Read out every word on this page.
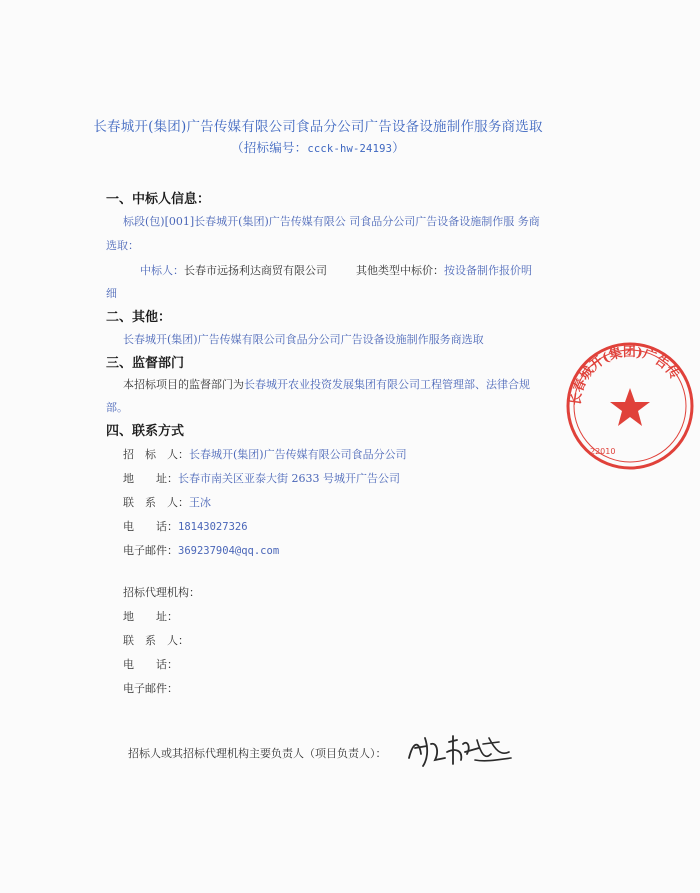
长春城开(集团)广告传媒有限公司食品分公司广告设备设施制作服务商选取
（招标编号：ccck-hw-24193）
一、中标人信息：
标段(包)[001]长春城开(集团)广告传媒有限公 司食品分公司广告设备设施制作服 务商
选取：
中标人：长春市远扬利达商贸有限公司	其他类型中标价：按设备制作报价明
细
二、其他：
长春城开(集团)广告传媒有限公司食品分公司广告设备设施制作服务商选取
三、监督部门
本招标项目的监督部门为长春城开农业投资发展集团有限公司工程管理部、法律合规
部。
四、联系方式
招　标　人：长春城开(集团)广告传媒有限公司食品分公司
地　　址：长春市南关区亚泰大街 2633 号城开广告公司
联　系　人：王冰
电　　话：18143027326
电子邮件：369237904@qq.com
招标代理机构：
地　　址：
联　系　人：
电　　话：
电子邮件：
招标人或其招标代理机构主要负责人（项目负责人）：
长春城开(集团)广告传
22010
